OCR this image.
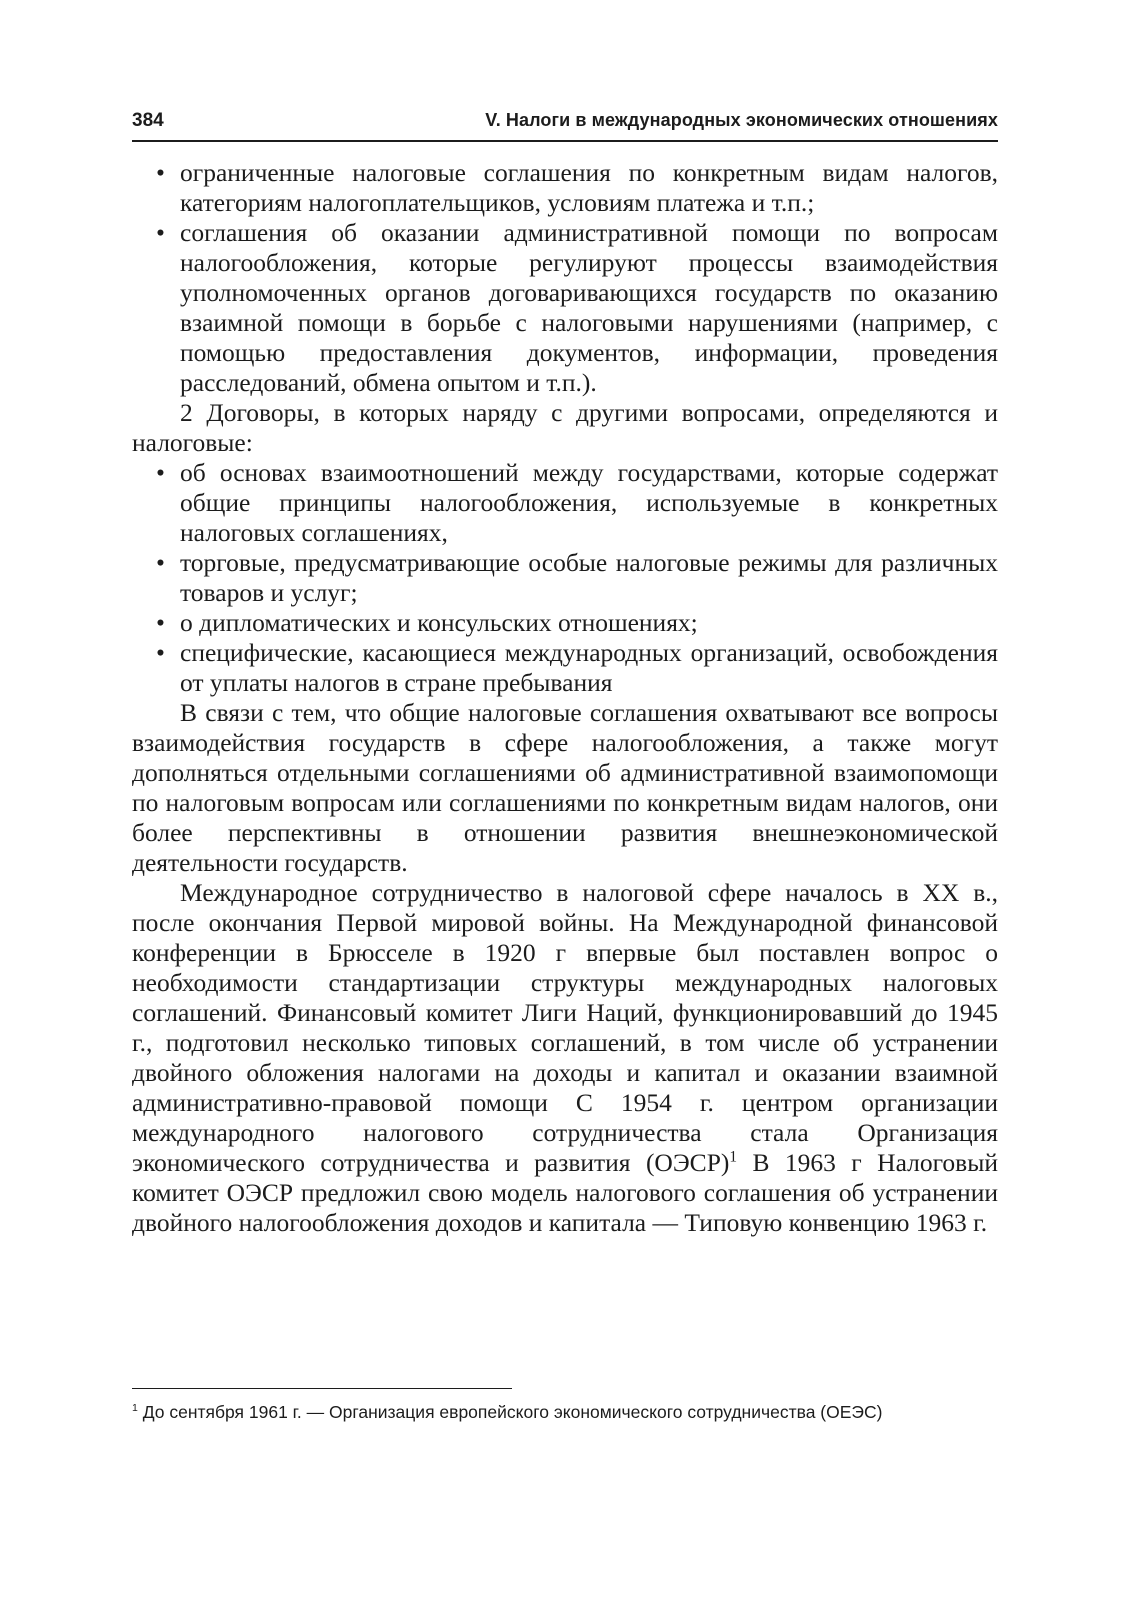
384	V. Налоги в международных экономических отношениях
• ограниченные налоговые соглашения по конкретным видам налогов, категориям налогоплательщиков, условиям платежа и т.п.;
• соглашения об оказании административной помощи по вопросам налогообложения, которые регулируют процессы взаимодействия уполномоченных органов договаривающихся государств по оказанию взаимной помощи в борьбе с налоговыми нарушениями (например, с помощью предоставления документов, информации, проведения расследований, обмена опытом и т.п.).

2 Договоры, в которых наряду с другими вопросами, определяются и налоговые:

• об основах взаимоотношений между государствами, которые содержат общие принципы налогообложения, используемые в конкретных налоговых соглашениях,
• торговые, предусматривающие особые налоговые режимы для различных товаров и услуг;
• о дипломатических и консульских отношениях;
• специфические, касающиеся международных организаций, освобождения от уплаты налогов в стране пребывания

В связи с тем, что общие налоговые соглашения охватывают все вопросы взаимодействия государств в сфере налогообложения, а также могут дополняться отдельными соглашениями об административной взаимопомощи по налоговым вопросам или соглашениями по конкретным видам налогов, они более перспективны в отношении развития внешнеэкономической деятельности государств.

Международное сотрудничество в налоговой сфере началось в XX в., после окончания Первой мировой войны. На Международной финансовой конференции в Брюсселе в 1920 г впервые был поставлен вопрос о необходимости стандартизации структуры международных налоговых соглашений. Финансовый комитет Лиги Наций, функционировавший до 1945 г., подготовил несколько типовых соглашений, в том числе об устранении двойного обложения налогами на доходы и капитал и оказании взаимной административно-правовой помощи С 1954 г. центром организации международного налогового сотрудничества стала Организация экономического сотрудничества и развития (ОЭСР)$^1$ В 1963 г Налоговый комитет ОЭСР предложил свою модель налогового соглашения об устранении двойного налогообложения доходов и капитала — Типовую конвенцию 1963 г.

$^1$ До сентября 1961 г. — Организация европейского экономического сотрудничества (ОЕЭС)
